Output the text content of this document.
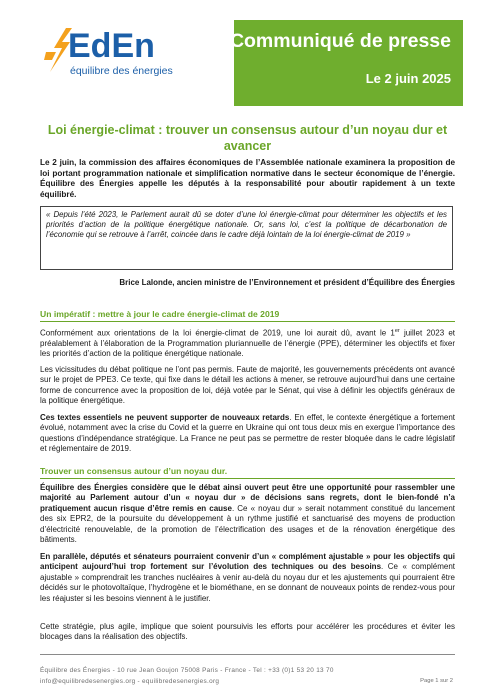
EdEn
équilibre des énergies
Communiqué de presse
Le 2 juin 2025
Loi énergie-climat : trouver un consensus autour d’un noyau dur et avancer
Le 2 juin, la commission des affaires économiques de l’Assemblée nationale examinera la proposition de loi portant programmation nationale et simplification normative dans le secteur économique de l’énergie. Équilibre des Énergies appelle les députés à la responsabilité pour aboutir rapidement à un texte équilibré.
« Depuis l’été 2023, le Parlement aurait dû se doter d’une loi énergie-climat pour déterminer les objectifs et les priorités d’action de la politique énergétique nationale. Or, sans loi, c’est la politique de décarbonation de l’économie qui se retrouve à l’arrêt, coincée dans le cadre déjà lointain de la loi énergie-climat de 2019 »
Brice Lalonde, ancien ministre de l’Environnement et président d’Équilibre des Énergies
Un impératif : mettre à jour le cadre énergie-climat de 2019
Conformément aux orientations de la loi énergie-climat de 2019, une loi aurait dû, avant le 1er juillet 2023 et préalablement à l’élaboration de la Programmation pluriannuelle de l’énergie (PPE), déterminer les objectifs et fixer les priorités d’action de la politique énergétique nationale.
Les vicissitudes du débat politique ne l’ont pas permis. Faute de majorité, les gouvernements précédents ont avancé sur le projet de PPE3. Ce texte, qui fixe dans le détail les actions à mener, se retrouve aujourd’hui dans une certaine forme de concurrence avec la proposition de loi, déjà votée par le Sénat, qui vise à définir les objectifs généraux de la politique énergétique.
Ces textes essentiels ne peuvent supporter de nouveaux retards. En effet, le contexte énergétique a fortement évolué, notamment avec la crise du Covid et la guerre en Ukraine qui ont tous deux mis en exergue l’importance des questions d’indépendance stratégique. La France ne peut pas se permettre de rester bloquée dans le cadre législatif et réglementaire de 2019.
Trouver un consensus autour d’un noyau dur.
Équilibre des Énergies considère que le débat ainsi ouvert peut être une opportunité pour rassembler une majorité au Parlement autour d’un « noyau dur » de décisions sans regrets, dont le bien-fondé n’a pratiquement aucun risque d’être remis en cause. Ce « noyau dur » serait notamment constitué du lancement des six EPR2, de la poursuite du développement à un rythme justifié et sanctuarisé des moyens de production d’électricité renouvelable, de la promotion de l’électrification des usages et de la rénovation énergétique des bâtiments.
En parallèle, députés et sénateurs pourraient convenir d’un « complément ajustable » pour les objectifs qui anticipent aujourd’hui trop fortement sur l’évolution des techniques ou des besoins. Ce « complément ajustable » comprendrait les tranches nucléaires à venir au-delà du noyau dur et les ajustements qui pourraient être décidés sur le photovoltaïque, l’hydrogène et le biométhane, en se donnant de nouveaux points de rendez-vous pour les réajuster si les besoins viennent à le justifier.
Cette stratégie, plus agile, implique que soient poursuivis les efforts pour accélérer les procédures et éviter les blocages dans la réalisation des objectifs.
Équilibre des Énergies - 10 rue Jean Goujon 75008 Paris - France - Tel : +33 (0)1 53 20 13 70
info@equilibredesenergies.org - equilibredesenergies.org	Page 1 sur 2
